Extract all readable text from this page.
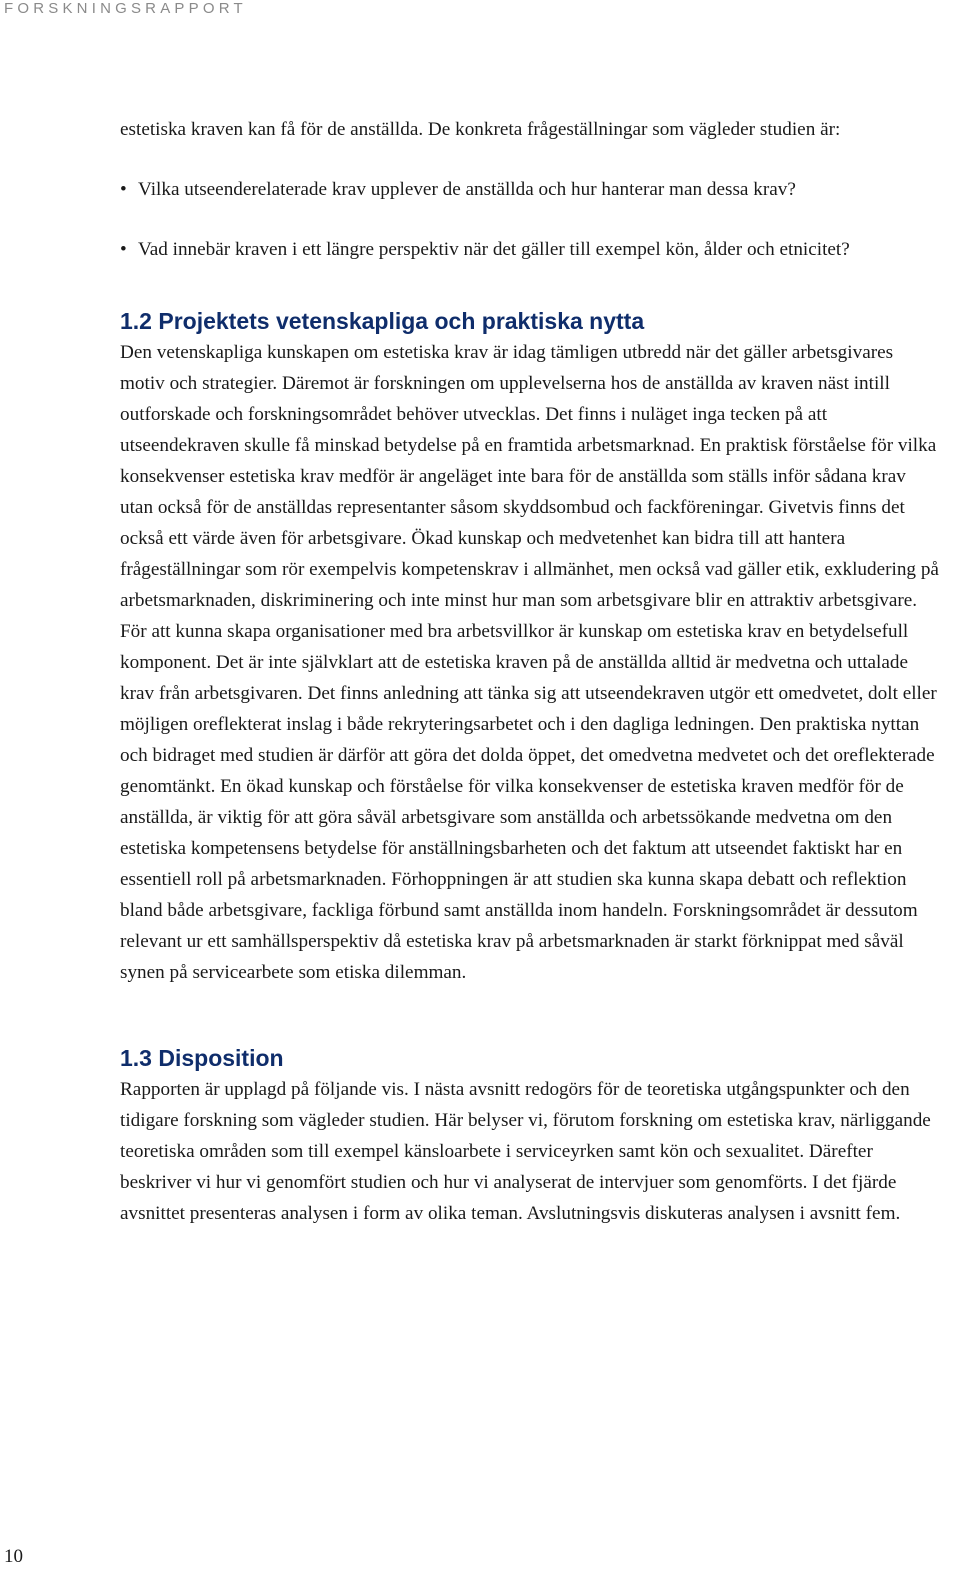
FORSKNINGSRAPPORT

estetiska kraven kan få för de anställda. De konkreta frågeställningar som vägleder studien är:

• Vilka utseenderelaterade krav upplever de anställda och hur hanterar man dessa krav?
• Vad innebär kraven i ett längre perspektiv när det gäller till exempel kön, ålder och etnicitet?
1.2 Projektets vetenskapliga och praktiska nytta

Den vetenskapliga kunskapen om estetiska krav är idag tämligen utbredd när det gäller arbetsgivares motiv och strategier. Däremot är forskningen om upplevelserna hos de anställda av kraven näst intill outforskade och forskningsområdet behöver utvecklas. Det finns i nuläget inga tecken på att utseendekraven skulle få minskad betydelse på en framtida arbetsmarknad. En praktisk förståelse för vilka konsekvenser estetiska krav medför är angeläget inte bara för de anställda som ställs inför sådana krav utan också för de anställdas representanter såsom skyddsombud och fackföreningar. Givetvis finns det också ett värde även för arbetsgivare. Ökad kunskap och medvetenhet kan bidra till att hantera frågeställningar som rör exempelvis kompetenskrav i allmänhet, men också vad gäller etik, exkludering på arbetsmarknaden, diskriminering och inte minst hur man som arbetsgivare blir en attraktiv arbetsgivare. För att kunna skapa organisationer med bra arbetsvillkor är kunskap om estetiska krav en betydelsefull komponent. Det är inte självklart att de estetiska kraven på de anställda alltid är medvetna och uttalade krav från arbetsgivaren. Det finns anledning att tänka sig att utseendekraven utgör ett omedvetet, dolt eller möjligen oreflekterat inslag i både rekryteringsarbetet och i den dagliga ledningen. Den praktiska nyttan och bidraget med studien är därför att göra det dolda öppet, det omedvetna medvetet och det oreflekterade genomtänkt. En ökad kunskap och förståelse för vilka konsekvenser de estetiska kraven medför för de anställda, är viktig för att göra såväl arbetsgivare som anställda och arbetssökande medvetna om den estetiska kompetensens betydelse för anställningsbarheten och det faktum att utseendet faktiskt har en essentiell roll på arbetsmarknaden. Förhoppningen är att studien ska kunna skapa debatt och reflektion bland både arbetsgivare, fackliga förbund samt anställda inom handeln. Forskningsområdet är dessutom relevant ur ett samhällsperspektiv då estetiska krav på arbetsmarknaden är starkt förknippat med såväl synen på servicearbete som etiska dilemman.

1.3 Disposition

Rapporten är upplagd på följande vis. I nästa avsnitt redogörs för de teoretiska utgångspunkter och den tidigare forskning som vägleder studien. Här belyser vi, förutom forskning om estetiska krav, närliggande teoretiska områden som till exempel känsloarbete i serviceyrken samt kön och sexualitet. Därefter beskriver vi hur vi genomfört studien och hur vi analyserat de intervjuer som genomförts. I det fjärde avsnittet presenteras analysen i form av olika teman. Avslutningsvis diskuteras analysen i avsnitt fem.

10
